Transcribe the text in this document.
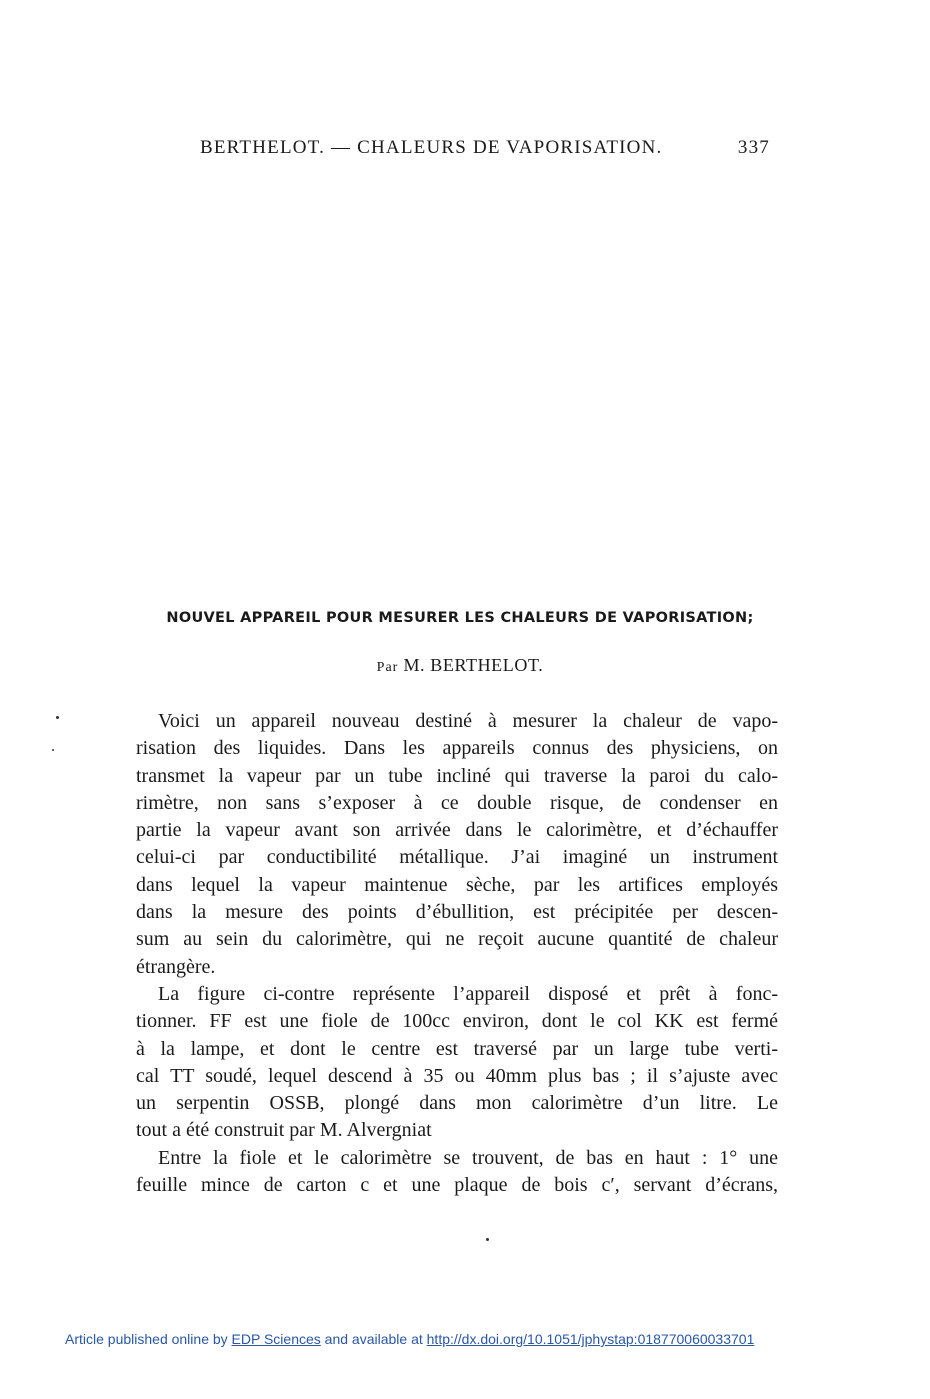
BERTHELOT. — CHALEURS DE VAPORISATION.	337
NOUVEL APPAREIL POUR MESURER LES CHALEURS DE VAPORISATION;
Par M. BERTHELOT.
Voici un appareil nouveau destiné à mesurer la chaleur de vapo-
risation des liquides. Dans les appareils connus des physiciens, on
transmet la vapeur par un tube incliné qui traverse la paroi du calo-
rimètre, non sans s’exposer à ce double risque, de condenser en
partie la vapeur avant son arrivée dans le calorimètre, et d’échauffer
celui-ci par conductibilité métallique. J’ai imaginé un instrument
dans lequel la vapeur maintenue sèche, par les artifices employés
dans la mesure des points d’ébullition, est précipitée per descen-
sum au sein du calorimètre, qui ne reçoit aucune quantité de chaleur
étrangère.
La figure ci-contre représente l’appareil disposé et prêt à fonc-
tionner. FF est une fiole de 100cc environ, dont le col KK est fermé
à la lampe, et dont le centre est traversé par un large tube verti-
cal TT soudé, lequel descend à 35 ou 40mm plus bas ; il s’ajuste avec
un serpentin OSSB, plongé dans mon calorimètre d’un litre. Le
tout a été construit par M. Alvergniat
Entre la fiole et le calorimètre se trouvent, de bas en haut : 1° une
feuille mince de carton c et une plaque de bois c′, servant d’écrans,
Article published online by EDP Sciences and available at http://dx.doi.org/10.1051/jphystap:018770060033701
